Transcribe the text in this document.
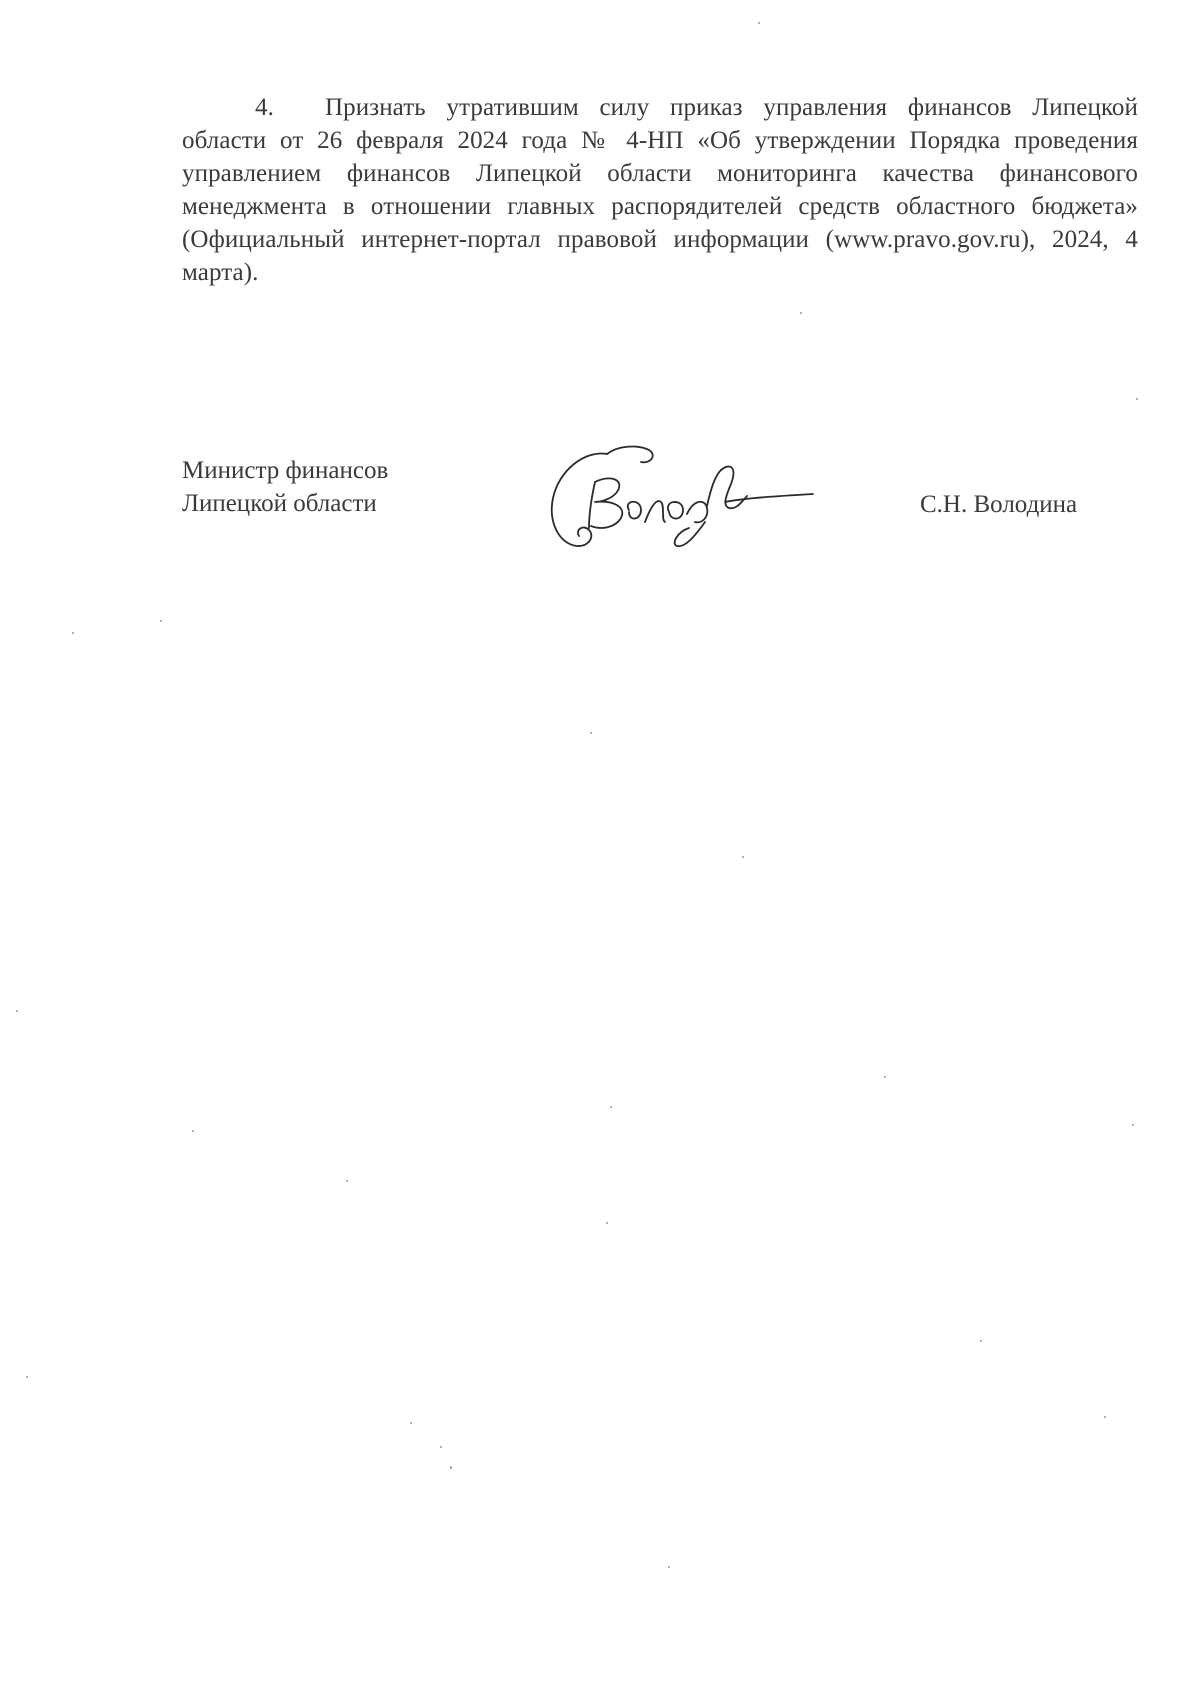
4. Признать утратившим силу приказ управления финансов Липецкой области от 26 февраля 2024 года № 4-НП «Об утверждении Порядка проведения управлением финансов Липецкой области мониторинга качества финансового менеджмента в отношении главных распорядителей средств областного бюджета» (Официальный интернет-портал правовой информации (www.pravo.gov.ru), 2024, 4 марта).

Министр финансов
Липецкой области	С.Н. Володина
